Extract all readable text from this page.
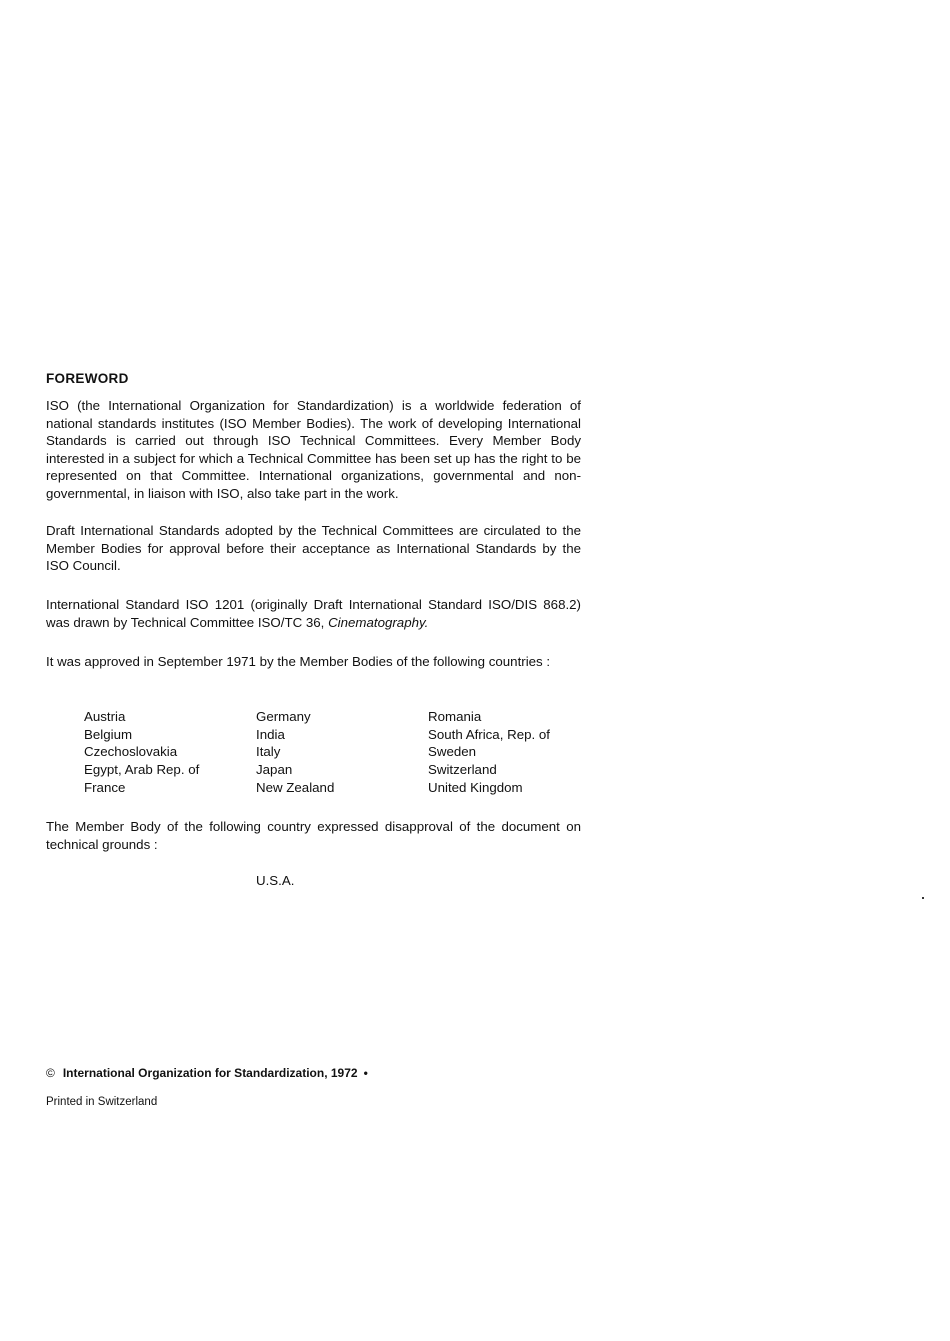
FOREWORD

ISO (the International Organization for Standardization) is a worldwide federation of national standards institutes (ISO Member Bodies). The work of developing International Standards is carried out through ISO Technical Committees. Every Member Body interested in a subject for which a Technical Committee has been set up has the right to be represented on that Committee. International organizations, governmental and non-governmental, in liaison with ISO, also take part in the work.

Draft International Standards adopted by the Technical Committees are circulated to the Member Bodies for approval before their acceptance as International Standards by the ISO Council.

International Standard ISO 1201 (originally Draft International Standard ISO/DIS 868.2) was drawn by Technical Committee ISO/TC 36, Cinematography.

It was approved in September 1971 by the Member Bodies of the following countries :

Austria
Belgium
Czechoslovakia
Egypt, Arab Rep. of
France
Germany
India
Italy
Japan
New Zealand
Romania
South Africa, Rep. of
Sweden
Switzerland
United Kingdom

The Member Body of the following country expressed disapproval of the document on technical grounds :

U.S.A.
© International Organization for Standardization, 1972 •
Printed in Switzerland
